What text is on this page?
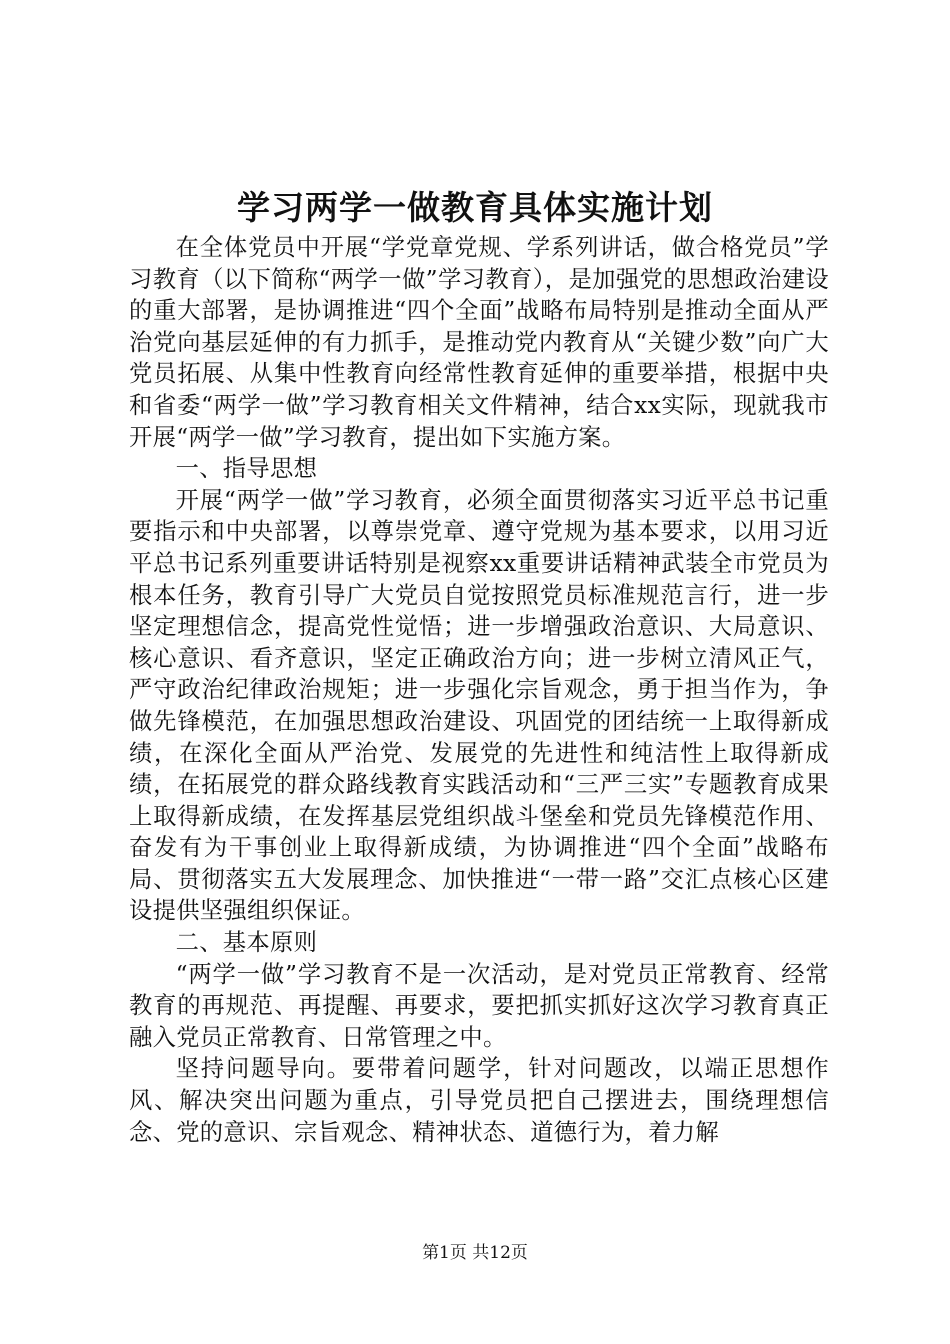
学习两学一做教育具体实施计划

在全体党员中开展“学党章党规、学系列讲话，做合格党员”学习教育（以下简称“两学一做”学习教育），是加强党的思想政治建设的重大部署，是协调推进“四个全面”战略布局特别是推动全面从严治党向基层延伸的有力抓手，是推动党内教育从“关键少数”向广大党员拓展、从集中性教育向经常性教育延伸的重要举措，根据中央和省委“两学一做”学习教育相关文件精神，结合xx实际，现就我市开展“两学一做”学习教育，提出如下实施方案。

一、指导思想

开展“两学一做”学习教育，必须全面贯彻落实习近平总书记重要指示和中央部署，以尊崇党章、遵守党规为基本要求，以用习近平总书记系列重要讲话特别是视察xx重要讲话精神武装全市党员为根本任务，教育引导广大党员自觉按照党员标准规范言行，进一步坚定理想信念，提高党性觉悟；进一步增强政治意识、大局意识、核心意识、看齐意识，坚定正确政治方向；进一步树立清风正气，严守政治纪律政治规矩；进一步强化宗旨观念，勇于担当作为，争做先锋模范，在加强思想政治建设、巩固党的团结统一上取得新成绩，在深化全面从严治党、发展党的先进性和纯洁性上取得新成绩，在拓展党的群众路线教育实践活动和“三严三实”专题教育成果上取得新成绩，在发挥基层党组织战斗堡垒和党员先锋模范作用、奋发有为干事创业上取得新成绩，为协调推进“四个全面”战略布局、贯彻落实五大发展理念、加快推进“一带一路”交汇点核心区建设提供坚强组织保证。

二、基本原则

“两学一做”学习教育不是一次活动，是对党员正常教育、经常教育的再规范、再提醒、再要求，要把抓实抓好这次学习教育真正融入党员正常教育、日常管理之中。

坚持问题导向。要带着问题学，针对问题改，以端正思想作风、解决突出问题为重点，引导党员把自己摆进去，围绕理想信念、党的意识、宗旨观念、精神状态、道德行为，着力解

第1页 共12页
